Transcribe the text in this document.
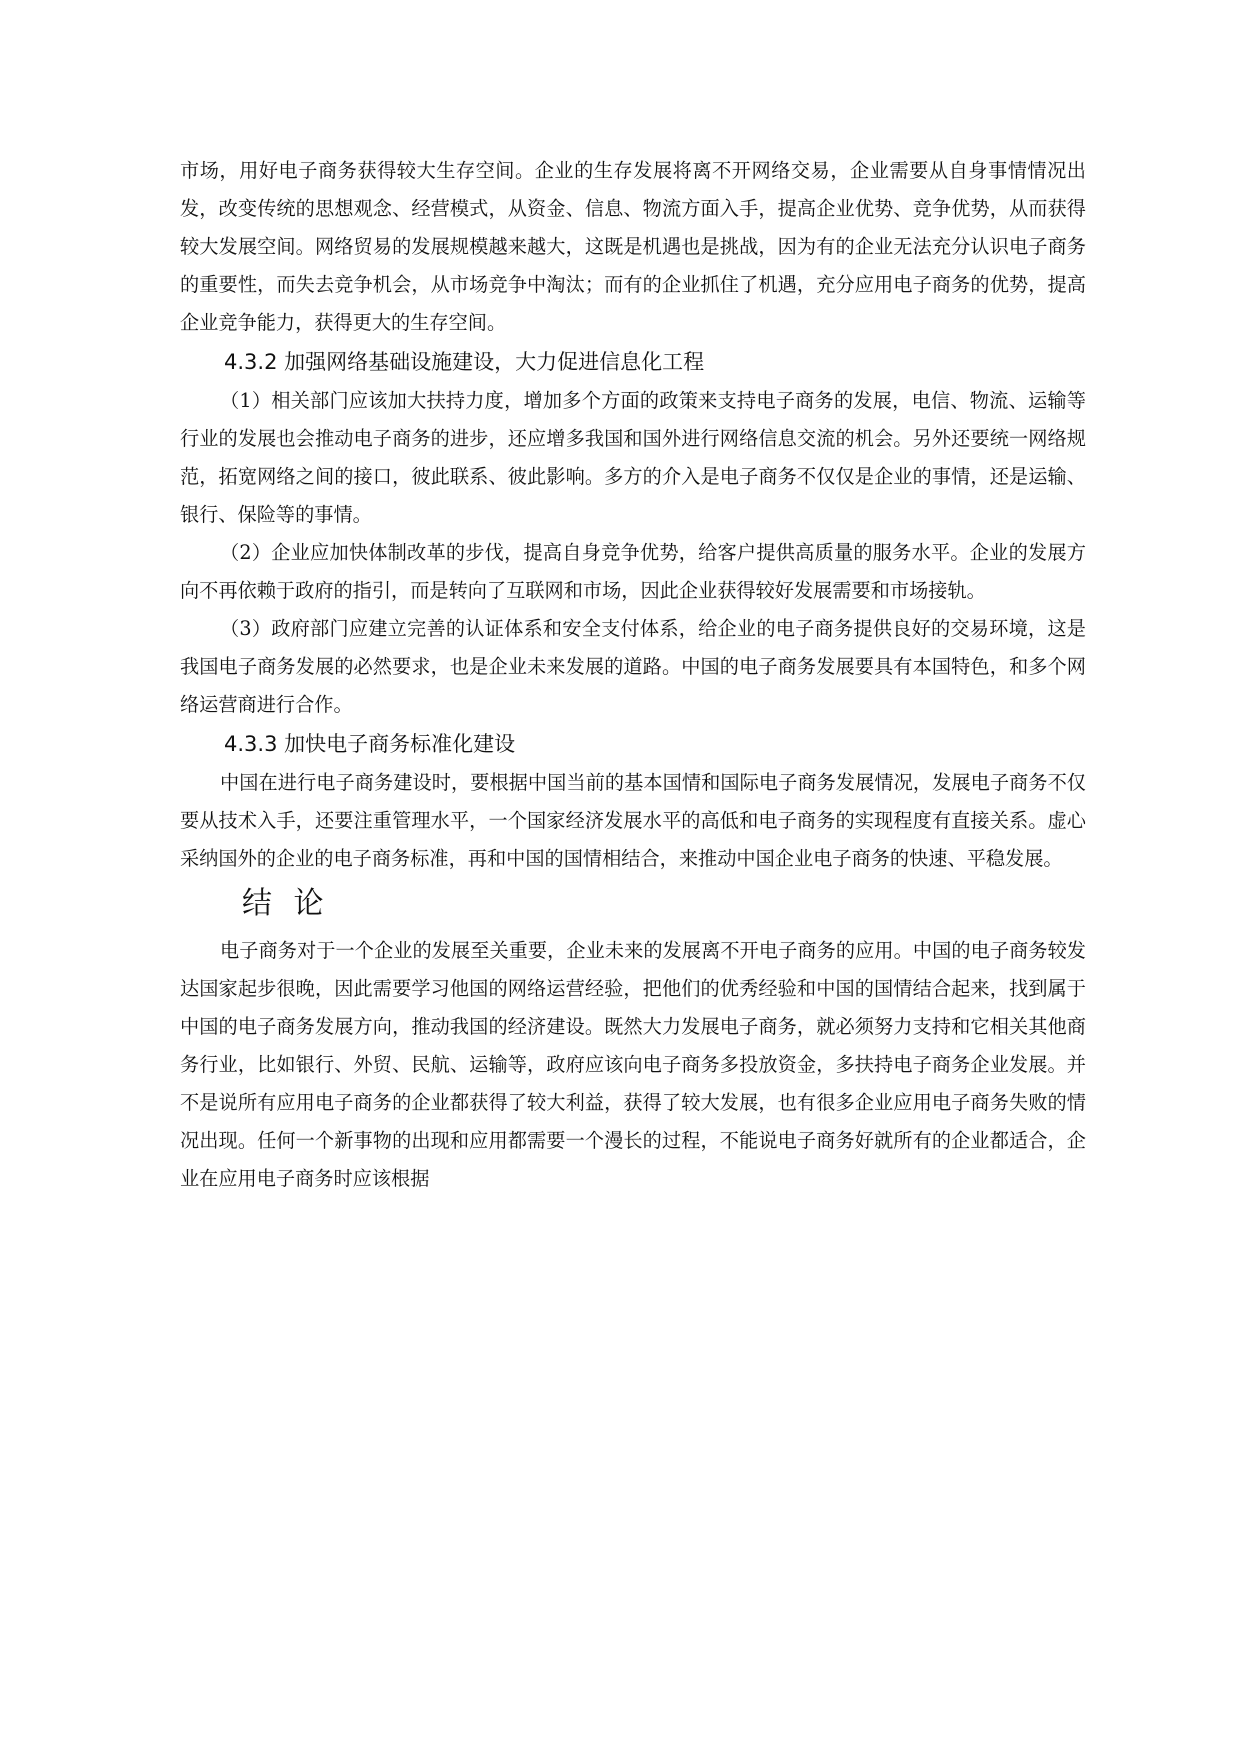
市场，用好电子商务获得较大生存空间。企业的生存发展将离不开网络交易，企业需要从自身事情情况出发，改变传统的思想观念、经营模式，从资金、信息、物流方面入手，提高企业优势、竞争优势，从而获得较大发展空间。网络贸易的发展规模越来越大，这既是机遇也是挑战，因为有的企业无法充分认识电子商务的重要性，而失去竞争机会，从市场竞争中淘汰；而有的企业抓住了机遇，充分应用电子商务的优势，提高企业竞争能力，获得更大的生存空间。

4.3.2 加强网络基础设施建设，大力促进信息化工程

（1）相关部门应该加大扶持力度，增加多个方面的政策来支持电子商务的发展，电信、物流、运输等行业的发展也会推动电子商务的进步，还应增多我国和国外进行网络信息交流的机会。另外还要统一网络规范，拓宽网络之间的接口，彼此联系、彼此影响。多方的介入是电子商务不仅仅是企业的事情，还是运输、银行、保险等的事情。

（2）企业应加快体制改革的步伐，提高自身竞争优势，给客户提供高质量的服务水平。企业的发展方向不再依赖于政府的指引，而是转向了互联网和市场，因此企业获得较好发展需要和市场接轨。

（3）政府部门应建立完善的认证体系和安全支付体系，给企业的电子商务提供良好的交易环境，这是我国电子商务发展的必然要求，也是企业未来发展的道路。中国的电子商务发展要具有本国特色，和多个网络运营商进行合作。

4.3.3 加快电子商务标准化建设

中国在进行电子商务建设时，要根据中国当前的基本国情和国际电子商务发展情况，发展电子商务不仅要从技术入手，还要注重管理水平，一个国家经济发展水平的高低和电子商务的实现程度有直接关系。虚心采纳国外的企业的电子商务标准，再和中国的国情相结合，来推动中国企业电子商务的快速、平稳发展。

结 论

电子商务对于一个企业的发展至关重要，企业未来的发展离不开电子商务的应用。中国的电子商务较发达国家起步很晚，因此需要学习他国的网络运营经验，把他们的优秀经验和中国的国情结合起来，找到属于中国的电子商务发展方向，推动我国的经济建设。既然大力发展电子商务，就必须努力支持和它相关其他商务行业，比如银行、外贸、民航、运输等，政府应该向电子商务多投放资金，多扶持电子商务企业发展。并不是说所有应用电子商务的企业都获得了较大利益，获得了较大发展，也有很多企业应用电子商务失败的情况出现。任何一个新事物的出现和应用都需要一个漫长的过程，不能说电子商务好就所有的企业都适合，企业在应用电子商务时应该根据
